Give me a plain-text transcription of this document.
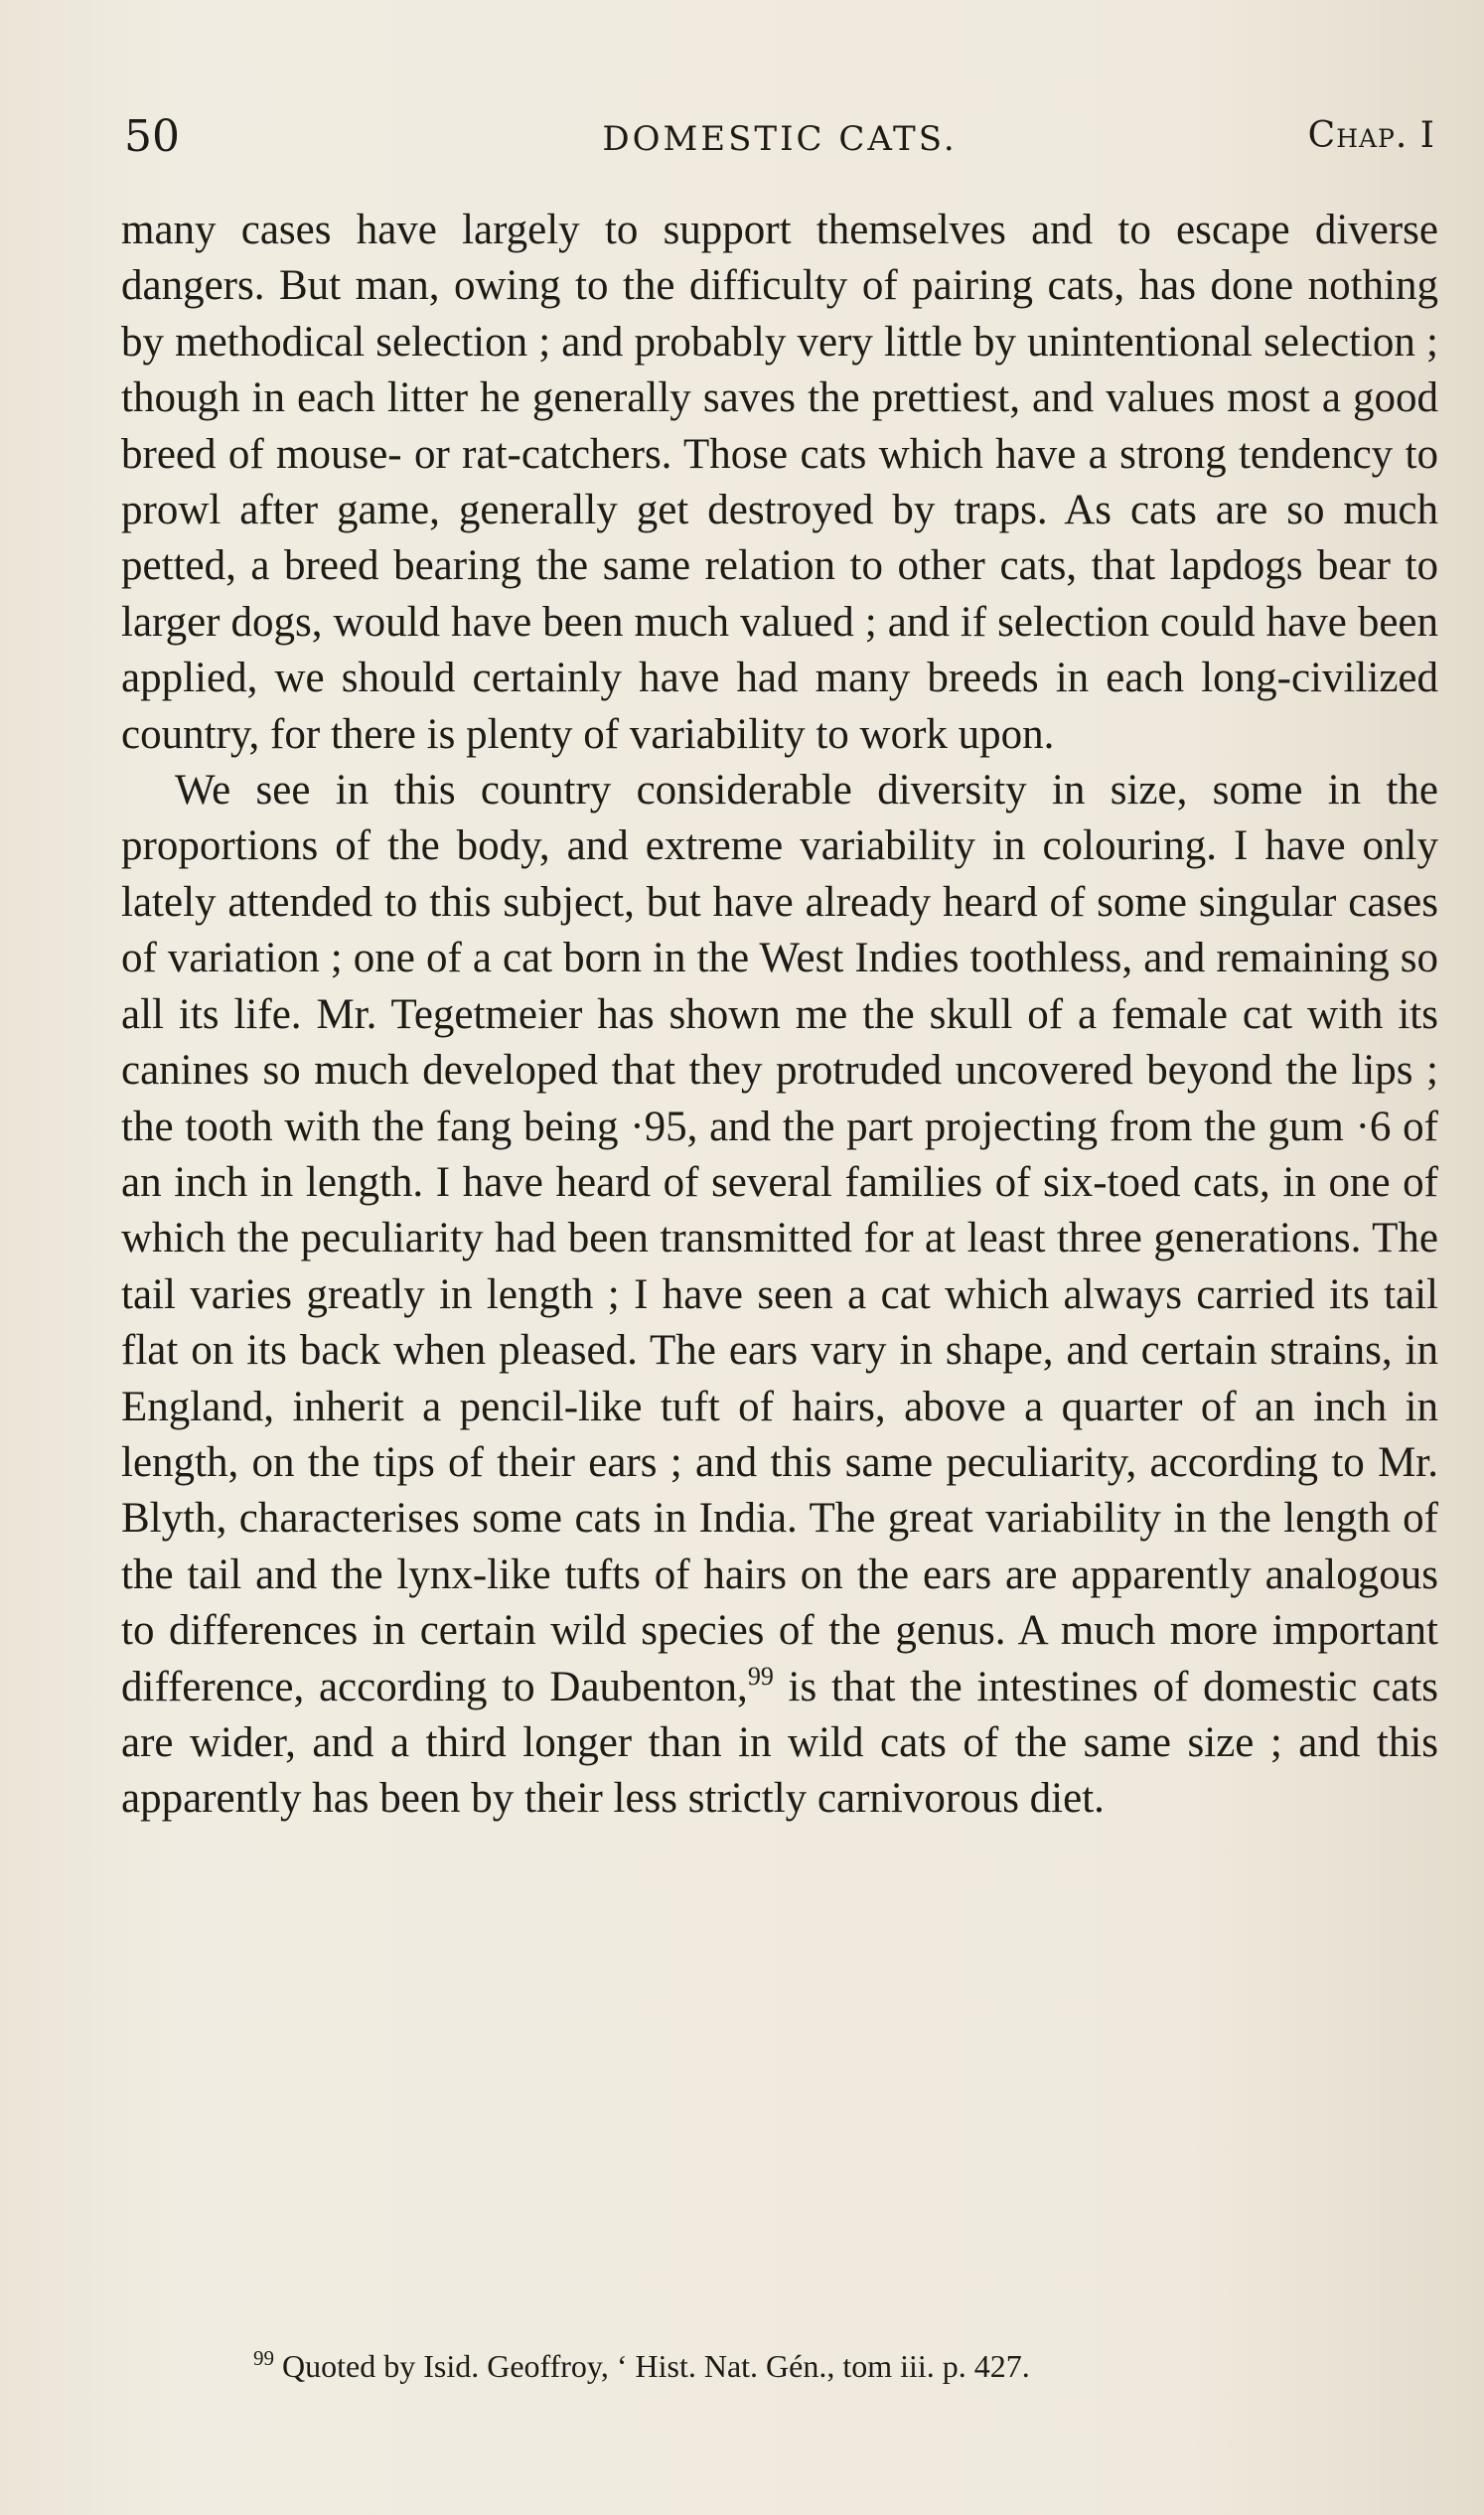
50	DOMESTIC CATS.	Chap. I

many cases have largely to support themselves and to escape diverse dangers. But man, owing to the difficulty of pairing cats, has done nothing by methodical selection ; and probably very little by unintentional selection ; though in each litter he generally saves the prettiest, and values most a good breed of mouse- or rat-catchers. Those cats which have a strong tendency to prowl after game, generally get destroyed by traps. As cats are so much petted, a breed bearing the same relation to other cats, that lapdogs bear to larger dogs, would have been much valued ; and if selection could have been applied, we should certainly have had many breeds in each long-civilized country, for there is plenty of variability to work upon.

We see in this country considerable diversity in size, some in the proportions of the body, and extreme variability in colouring. I have only lately attended to this subject, but have already heard of some singular cases of variation ; one of a cat born in the West Indies toothless, and remaining so all its life. Mr. Tegetmeier has shown me the skull of a female cat with its canines so much developed that they protruded uncovered beyond the lips ; the tooth with the fang being ·95, and the part projecting from the gum ·6 of an inch in length. I have heard of several families of six-toed cats, in one of which the peculiarity had been transmitted for at least three generations. The tail varies greatly in length ; I have seen a cat which always carried its tail flat on its back when pleased. The ears vary in shape, and certain strains, in England, inherit a pencil-like tuft of hairs, above a quarter of an inch in length, on the tips of their ears ; and this same peculiarity, according to Mr. Blyth, characterises some cats in India. The great variability in the length of the tail and the lynx-like tufts of hairs on the ears are apparently analogous to differences in certain wild species of the genus. A much more important difference, according to Daubenton,$^{99}$ is that the intestines of domestic cats are wider, and a third longer than in wild cats of the same size ; and this apparently has been by their less strictly carnivorous diet.

$^{99}$ Quoted by Isid. Geoffroy, ‘ Hist. Nat. Gén., tom iii. p. 427.
